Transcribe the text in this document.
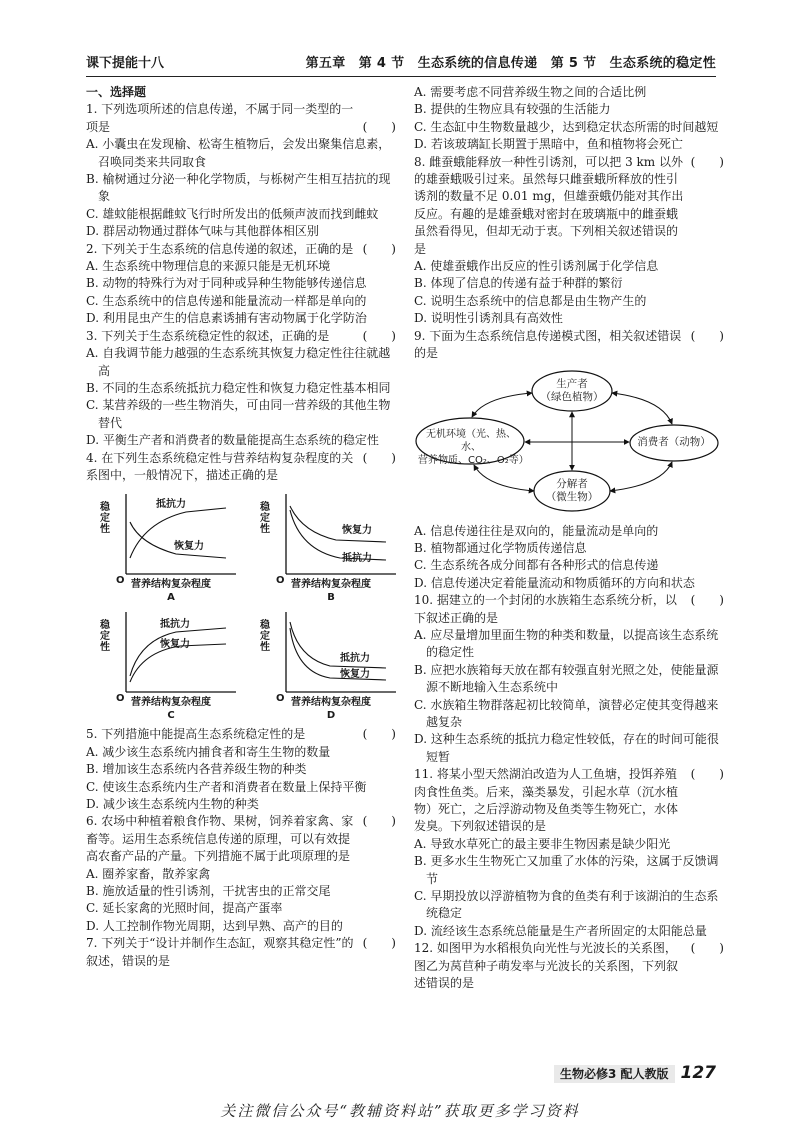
课下提能十八	第五章　第 4 节　生态系统的信息传递　第 5 节　生态系统的稳定性
一、选择题
1. 下列选项所述的信息传递，不属于同一类型的一
项是	(　　)
A. 小囊虫在发现榆、松寄生植物后，会发出聚集信息素，召唤同类来共同取食
B. 榆树通过分泌一种化学物质，与栎树产生相互拮抗的现象
C. 雄蚊能根据雌蚊飞行时所发出的低频声波而找到雌蚊
D. 群居动物通过群体气味与其他群体相区别
2. 下列关于生态系统的信息传递的叙述，正确的是 (　　)
A. 生态系统中物理信息的来源只能是无机环境
B. 动物的特殊行为对于同种或异种生物能够传递信息
C. 生态系统中的信息传递和能量流动一样都是单向的
D. 利用昆虫产生的信息素诱捕有害动物属于化学防治
3. 下列关于生态系统稳定性的叙述，正确的是	(　　)
A. 自我调节能力越强的生态系统其恢复力稳定性往往就越高
B. 不同的生态系统抵抗力稳定性和恢复力稳定性基本相同
C. 某营养级的一些生物消失，可由同一营养级的其他生物替代
D. 平衡生产者和消费者的数量能提高生态系统的稳定性
4. 在下列生态系统稳定性与营养结构复杂程度的关系图中，一般情况下，描述正确的是
(　　)
稳定性
O
抵抗力
恢复力
营养结构复杂程度
A
稳定性
O
恢复力
抵抗力
营养结构复杂程度
B
稳定性
O
抵抗力
恢复力
营养结构复杂程度
C
稳定性
O
抵抗力
恢复力
营养结构复杂程度
D
5. 下列措施中能提高生态系统稳定性的是	(　　)
A. 减少该生态系统内捕食者和寄生生物的数量
B. 增加该生态系统内各营养级生物的种类
C. 使该生态系统内生产者和消费者在数量上保持平衡
D. 减少该生态系统内生物的种类
6. 农场中种植着粮食作物、果树，饲养着家禽、家畜等。运用生态系统信息传递的原理，可以有效提高农畜产品的产量。下列措施不属于此项原理的是
(　　)
A. 圈养家畜，散养家禽
B. 施放适量的性引诱剂，干扰害虫的正常交尾
C. 延长家禽的光照时间，提高产蛋率
D. 人工控制作物光周期，达到早熟、高产的目的
7. 下列关于“设计并制作生态缸，观察其稳定性”的叙述，错误的是
(　　)
A. 需要考虑不同营养级生物之间的合适比例
B. 提供的生物应具有较强的生活能力
C. 生态缸中生物数量越少，达到稳定状态所需的时间越短
D. 若该玻璃缸长期置于黑暗中，鱼和植物将会死亡
8. 雌蚕蛾能释放一种性引诱剂，可以把 3 km 以外的雄蚕蛾吸引过来。虽然每只雌蚕蛾所释放的性引诱剂的数量不足 0.01 mg，但雄蚕蛾仍能对其作出反应。有趣的是雄蚕蛾对密封在玻璃瓶中的雌蚕蛾虽然看得见，但却无动于衷。下列相关叙述错误的是
(　　)
A. 使雄蚕蛾作出反应的性引诱剂属于化学信息
B. 体现了信息的传递有益于种群的繁衍
C. 说明生态系统中的信息都是由生物产生的
D. 说明性引诱剂具有高效性
9. 下面为生态系统信息传递模式图，相关叙述错误的是
(　　)
生产者
（绿色植物）
无机环境（光、热、水、
营养物质、CO₂、O₂等）
消费者（动物）
分解者
（微生物）
A. 信息传递往往是双向的，能量流动是单向的
B. 植物都通过化学物质传递信息
C. 生态系统各成分间都有各种形式的信息传递
D. 信息传递决定着能量流动和物质循环的方向和状态
10. 据建立的一个封闭的水族箱生态系统分析，以下叙述正确的是
(　　)
A. 应尽量增加里面生物的种类和数量，以提高该生态系统的稳定性
B. 应把水族箱每天放在都有较强直射光照之处，使能量源源不断地输入生态系统中
C. 水族箱生物群落起初比较简单，演替必定使其变得越来越复杂
D. 这种生态系统的抵抗力稳定性较低，存在的时间可能很短暂
11. 将某小型天然湖泊改造为人工鱼塘，投饵养殖肉食性鱼类。后来，藻类暴发，引起水草（沉水植物）死亡，之后浮游动物及鱼类等生物死亡，水体发臭。下列叙述错误的是
(　　)
A. 导致水草死亡的最主要非生物因素是缺少阳光
B. 更多水生生物死亡又加重了水体的污染，这属于反馈调节
C. 早期投放以浮游植物为食的鱼类有利于该湖泊的生态系统稳定
D. 流经该生态系统总能量是生产者所固定的太阳能总量
12. 如图甲为水稻根负向光性与光波长的关系图，图乙为莴苣种子萌发率与光波长的关系图，下列叙述错误的是
(　　)
生物必修3 配人教版 127
关注微信公众号“教辅资料站”获取更多学习资料
